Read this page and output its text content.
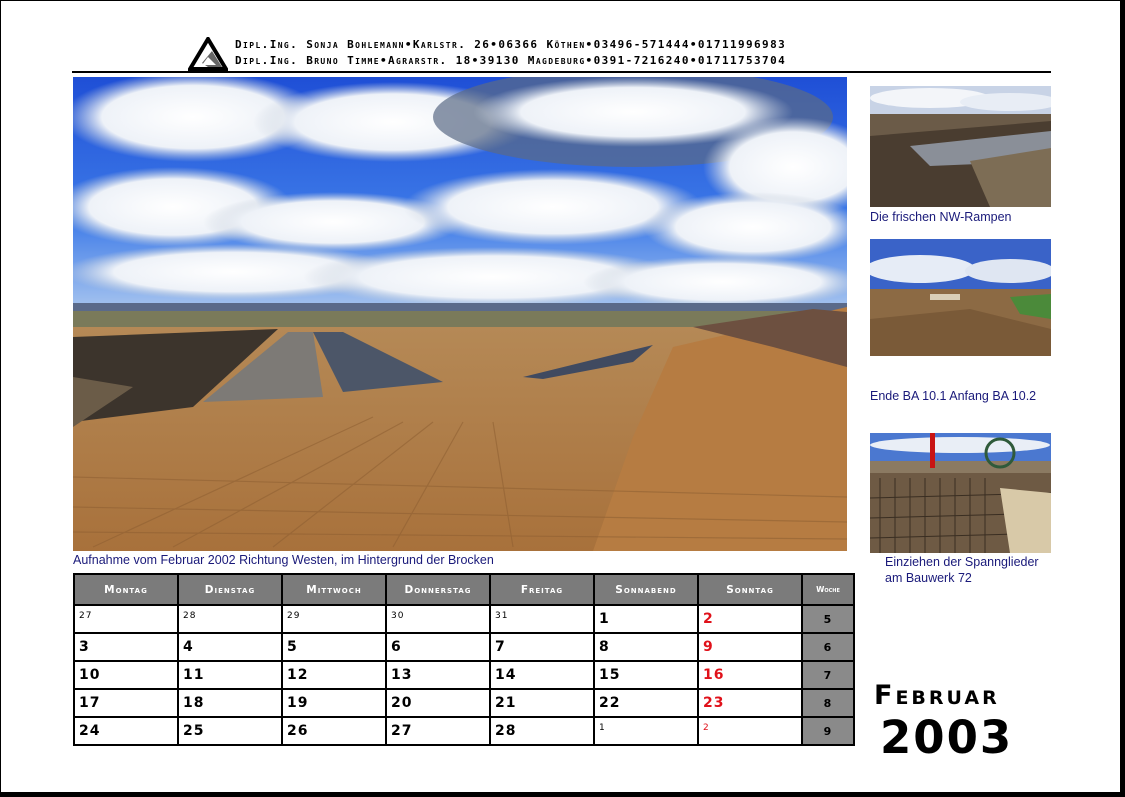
Dipl.Ing. Sonja Bohlemann•Karlstr. 26•06366 Köthen•03496-571444•01711996983
Dipl.Ing. Bruno Timme•Agrarstr. 18•39130 Magdeburg•0391-7216240•01711753704
Aufnahme vom Februar 2002 Richtung Westen, im Hintergrund der Brocken
Die frischen NW-Rampen
Ende BA 10.1 Anfang BA 10.2
Einziehen der Spannglieder
am Bauwerk 72
Montag	Dienstag	Mittwoch	Donnerstag	Freitag	Sonnabend	Sonntag	Woche
27	28	29	30	31	1	2	5
3	4	5	6	7	8	9	6
10	11	12	13	14	15	16	7
17	18	19	20	21	22	23	8
24	25	26	27	28	1	2	9
Februar
2003
